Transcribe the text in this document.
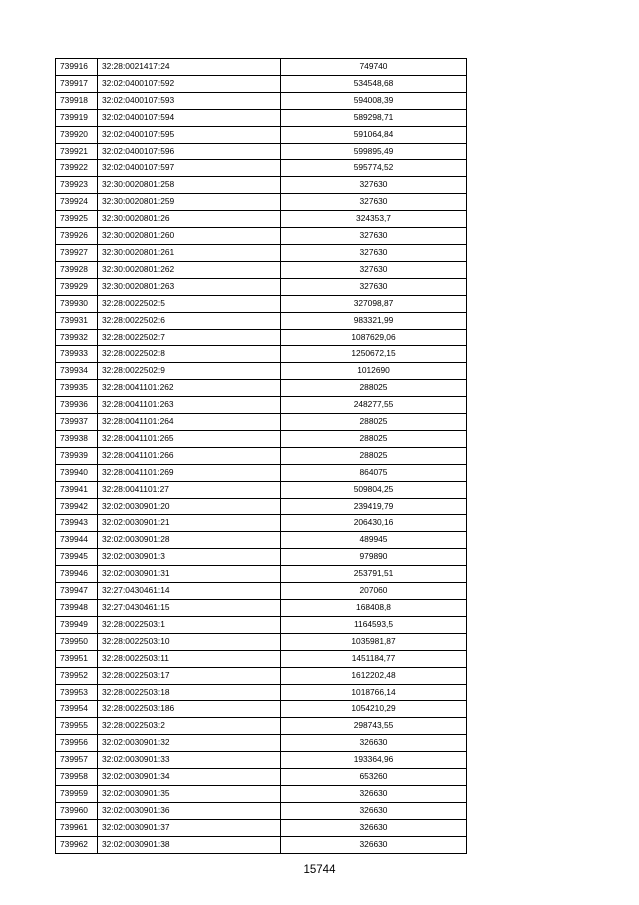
739916	32:28:0021417:24	749740
739917	32:02:0400107:592	534548,68
739918	32:02:0400107:593	594008,39
739919	32:02:0400107:594	589298,71
739920	32:02:0400107:595	591064,84
739921	32:02:0400107:596	599895,49
739922	32:02:0400107:597	595774,52
739923	32:30:0020801:258	327630
739924	32:30:0020801:259	327630
739925	32:30:0020801:26	324353,7
739926	32:30:0020801:260	327630
739927	32:30:0020801:261	327630
739928	32:30:0020801:262	327630
739929	32:30:0020801:263	327630
739930	32:28:0022502:5	327098,87
739931	32:28:0022502:6	983321,99
739932	32:28:0022502:7	1087629,06
739933	32:28:0022502:8	1250672,15
739934	32:28:0022502:9	1012690
739935	32:28:0041101:262	288025
739936	32:28:0041101:263	248277,55
739937	32:28:0041101:264	288025
739938	32:28:0041101:265	288025
739939	32:28:0041101:266	288025
739940	32:28:0041101:269	864075
739941	32:28:0041101:27	509804,25
739942	32:02:0030901:20	239419,79
739943	32:02:0030901:21	206430,16
739944	32:02:0030901:28	489945
739945	32:02:0030901:3	979890
739946	32:02:0030901:31	253791,51
739947	32:27:0430461:14	207060
739948	32:27:0430461:15	168408,8
739949	32:28:0022503:1	1164593,5
739950	32:28:0022503:10	1035981,87
739951	32:28:0022503:11	1451184,77
739952	32:28:0022503:17	1612202,48
739953	32:28:0022503:18	1018766,14
739954	32:28:0022503:186	1054210,29
739955	32:28:0022503:2	298743,55
739956	32:02:0030901:32	326630
739957	32:02:0030901:33	193364,96
739958	32:02:0030901:34	653260
739959	32:02:0030901:35	326630
739960	32:02:0030901:36	326630
739961	32:02:0030901:37	326630
739962	32:02:0030901:38	326630
15744
